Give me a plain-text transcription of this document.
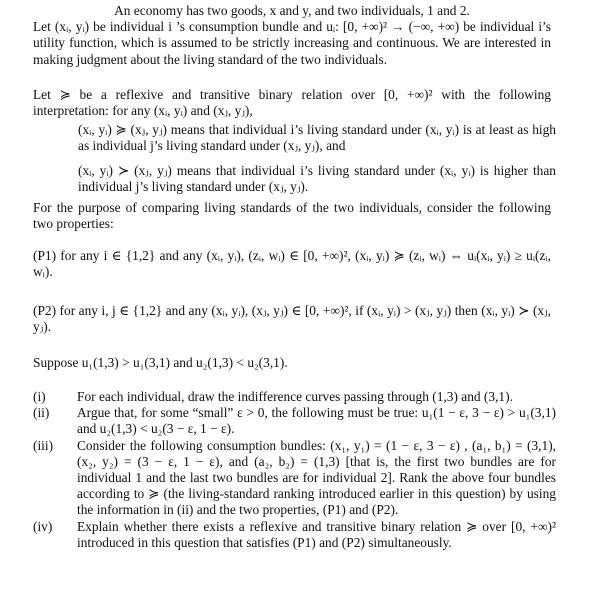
An economy has two goods, x and y, and two individuals, 1 and 2.
Let (xᵢ, yᵢ) be individual i ’s consumption bundle and uᵢ: [0, +∞)² → (−∞, +∞) be individual i’s utility function, which is assumed to be strictly increasing and continuous. We are interested in making judgment about the living standard of the two individuals.

Let ≽ be a reflexive and transitive binary relation over [0, +∞)² with the following interpretation: for any (xᵢ, yᵢ) and (xⱼ, yⱼ),

(xᵢ, yᵢ) ≽ (xⱼ, yⱼ) means that individual i’s living standard under (xᵢ, yᵢ) is at least as high as individual j’s living standard under (xⱼ, yⱼ), and

(xᵢ, yᵢ) ≻ (xⱼ, yⱼ) means that individual i’s living standard under (xᵢ, yᵢ) is higher than individual j’s living standard under (xⱼ, yⱼ).

For the purpose of comparing living standards of the two individuals, consider the following two properties:

(P1) for any i ∈ {1,2} and any (xᵢ, yᵢ), (zᵢ, wᵢ) ∈ [0, +∞)², (xᵢ, yᵢ) ≽ (zᵢ, wᵢ) ⇔ uᵢ(xᵢ, yᵢ) ≥ uᵢ(zᵢ, wᵢ).

(P2) for any i, j ∈ {1,2} and any (xᵢ, yᵢ), (xⱼ, yⱼ) ∈ [0, +∞)², if (xᵢ, yᵢ) > (xⱼ, yⱼ) then (xᵢ, yᵢ) ≻ (xⱼ, yⱼ).

Suppose u₁(1,3) > u₁(3,1) and u₂(1,3) < u₂(3,1).

(i)	For each individual, draw the indifference curves passing through (1,3) and (3,1).
(ii)	Argue that, for some “small” ε > 0, the following must be true: u₁(1 − ε, 3 − ε) > u₁(3,1) and u₂(1,3) < u₂(3 − ε, 1 − ε).
(iii)	Consider the following consumption bundles: (x₁, y₁) = (1 − ε, 3 − ε) , (a₁, b₁) = (3,1), (x₂, y₂) = (3 − ε, 1 − ε), and (a₂, b₂) = (1,3) [that is, the first two bundles are for individual 1 and the last two bundles are for individual 2]. Rank the above four bundles according to ≽ (the living-standard ranking introduced earlier in this question) by using the information in (ii) and the two properties, (P1) and (P2).
(iv)	Explain whether there exists a reflexive and transitive binary relation ≽ over [0, +∞)² introduced in this question that satisfies (P1) and (P2) simultaneously.
